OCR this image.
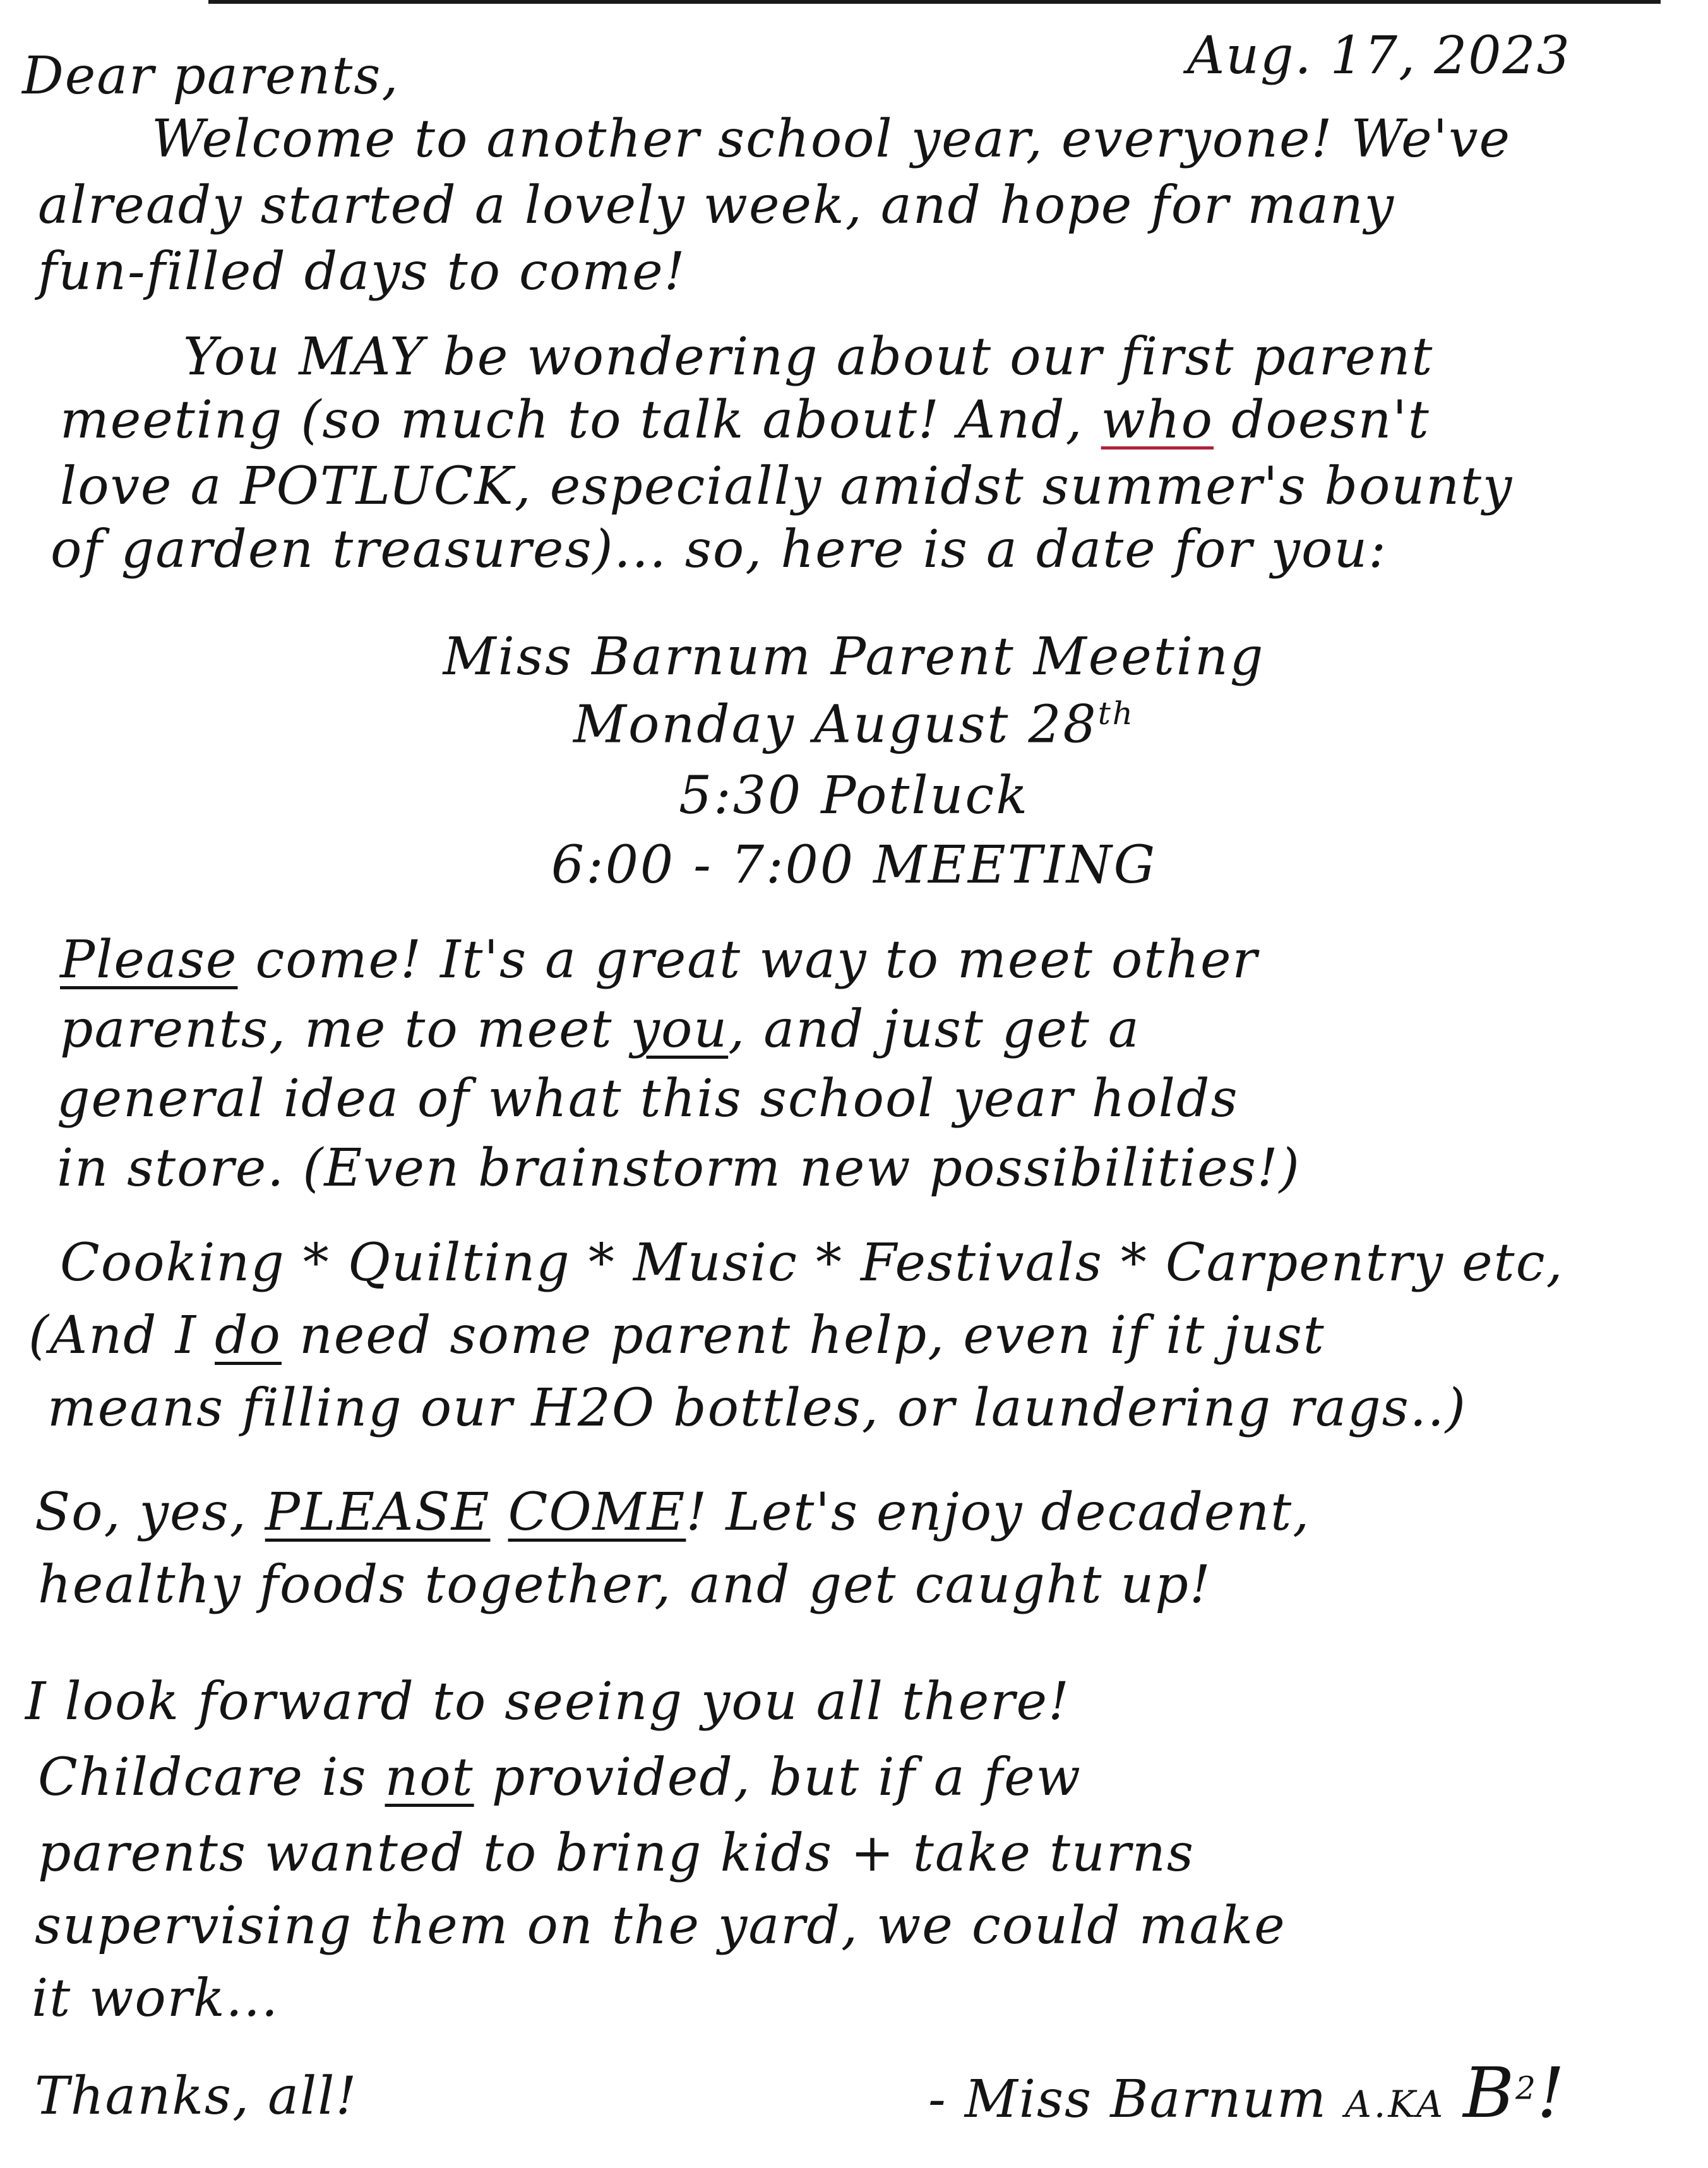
Aug. 17, 2023
Dear parents,
Welcome to another school year, everyone! We've
already started a lovely week, and hope for many
fun-filled days to come!
You MAY be wondering about our first parent
meeting (so much to talk about! And, who doesn't
love a POTLUCK, especially amidst summer's bounty
of garden treasures)... so, here is a date for you:
Miss Barnum Parent Meeting
Monday August 28th
5:30 Potluck
6:00 - 7:00 MEETING
Please come! It's a great way to meet other
parents, me to meet you, and just get a
general idea of what this school year holds
in store. (Even brainstorm new possibilities!)
Cooking * Quilting * Music * Festivals * Carpentry etc,
(And I do need some parent help, even if it just
means filling our H2O bottles, or laundering rags..)
So, yes, PLEASE COME! Let's enjoy decadent,
healthy foods together, and get caught up!
I look forward to seeing you all there!
Childcare is not provided, but if a few
parents wanted to bring kids + take turns
supervising them on the yard, we could make
it work...
Thanks, all!	- Miss Barnum A.KA $B^2$!
